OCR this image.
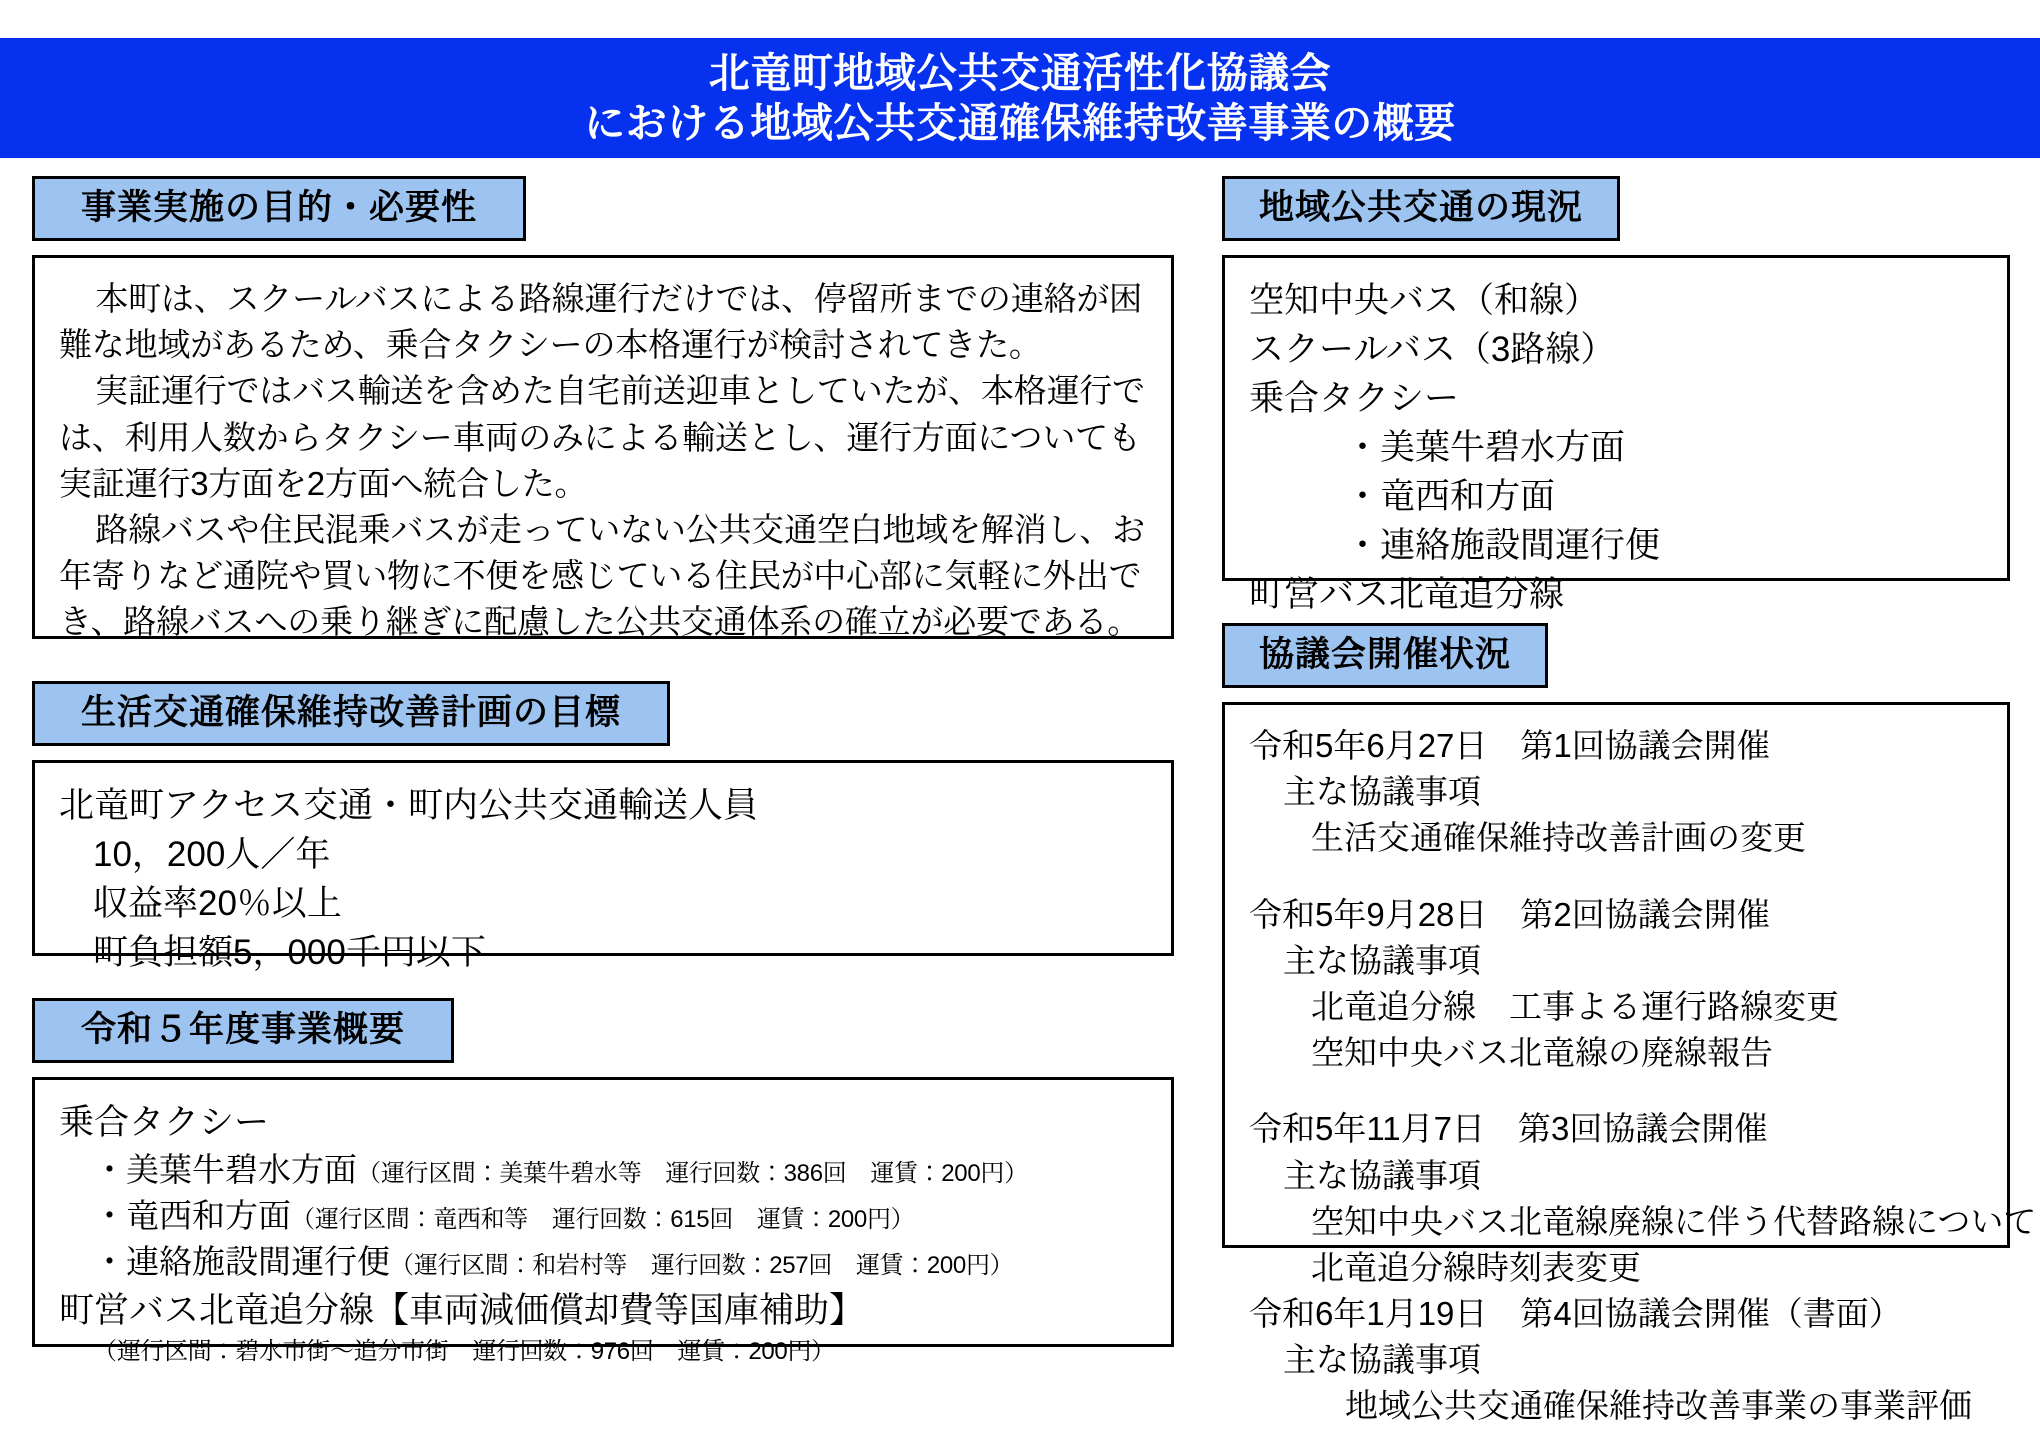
北竜町地域公共交通活性化協議会
における地域公共交通確保維持改善事業の概要
事業実施の目的・必要性

本町は、スクールバスによる路線運行だけでは、停留所までの連絡が困難な地域があるため、乗合タクシーの本格運行が検討されてきた。

実証運行ではバス輸送を含めた自宅前送迎車としていたが、本格運行では、利用人数からタクシー車両のみによる輸送とし、運行方面についても実証運行3方面を2方面へ統合した。

路線バスや住民混乗バスが走っていない公共交通空白地域を解消し、お年寄りなど通院や買い物に不便を感じている住民が中心部に気軽に外出でき、路線バスへの乗り継ぎに配慮した公共交通体系の確立が必要である。

生活交通確保維持改善計画の目標
北竜町アクセス交通・町内公共交通輸送人員
10，200人／年
収益率20％以上
町負担額5，000千円以下
令和５年度事業概要
乗合タクシー
・ 美葉牛碧水方面（運行区間：美葉牛碧水等　運行回数：386回　運賃：200円）
・ 竜西和方面（運行区間：竜西和等　運行回数：615回　運賃：200円）
・ 連絡施設間運行便（運行区間：和岩村等　運行回数：257回　運賃：200円）
町営バス北竜追分線【車両減価償却費等国庫補助】
（運行区間：碧水市街～追分市街　運行回数：976回　運賃：200円）
地域公共交通の現況
空知中央バス（和線）
スクールバス（3路線）
乗合タクシー
・美葉牛碧水方面
・竜西和方面
・連絡施設間運行便
町営バス北竜追分線
協議会開催状況
令和5年6月27日　第1回協議会開催
主な協議事項
生活交通確保維持改善計画の変更
令和5年9月28日　第2回協議会開催
主な協議事項
北竜追分線　工事よる運行路線変更
空知中央バス北竜線の廃線報告
令和5年11月7日　第3回協議会開催
主な協議事項
空知中央バス北竜線廃線に伴う代替路線について
北竜追分線時刻表変更
令和6年1月19日　第4回協議会開催（書面）
主な協議事項
地域公共交通確保維持改善事業の事業評価
